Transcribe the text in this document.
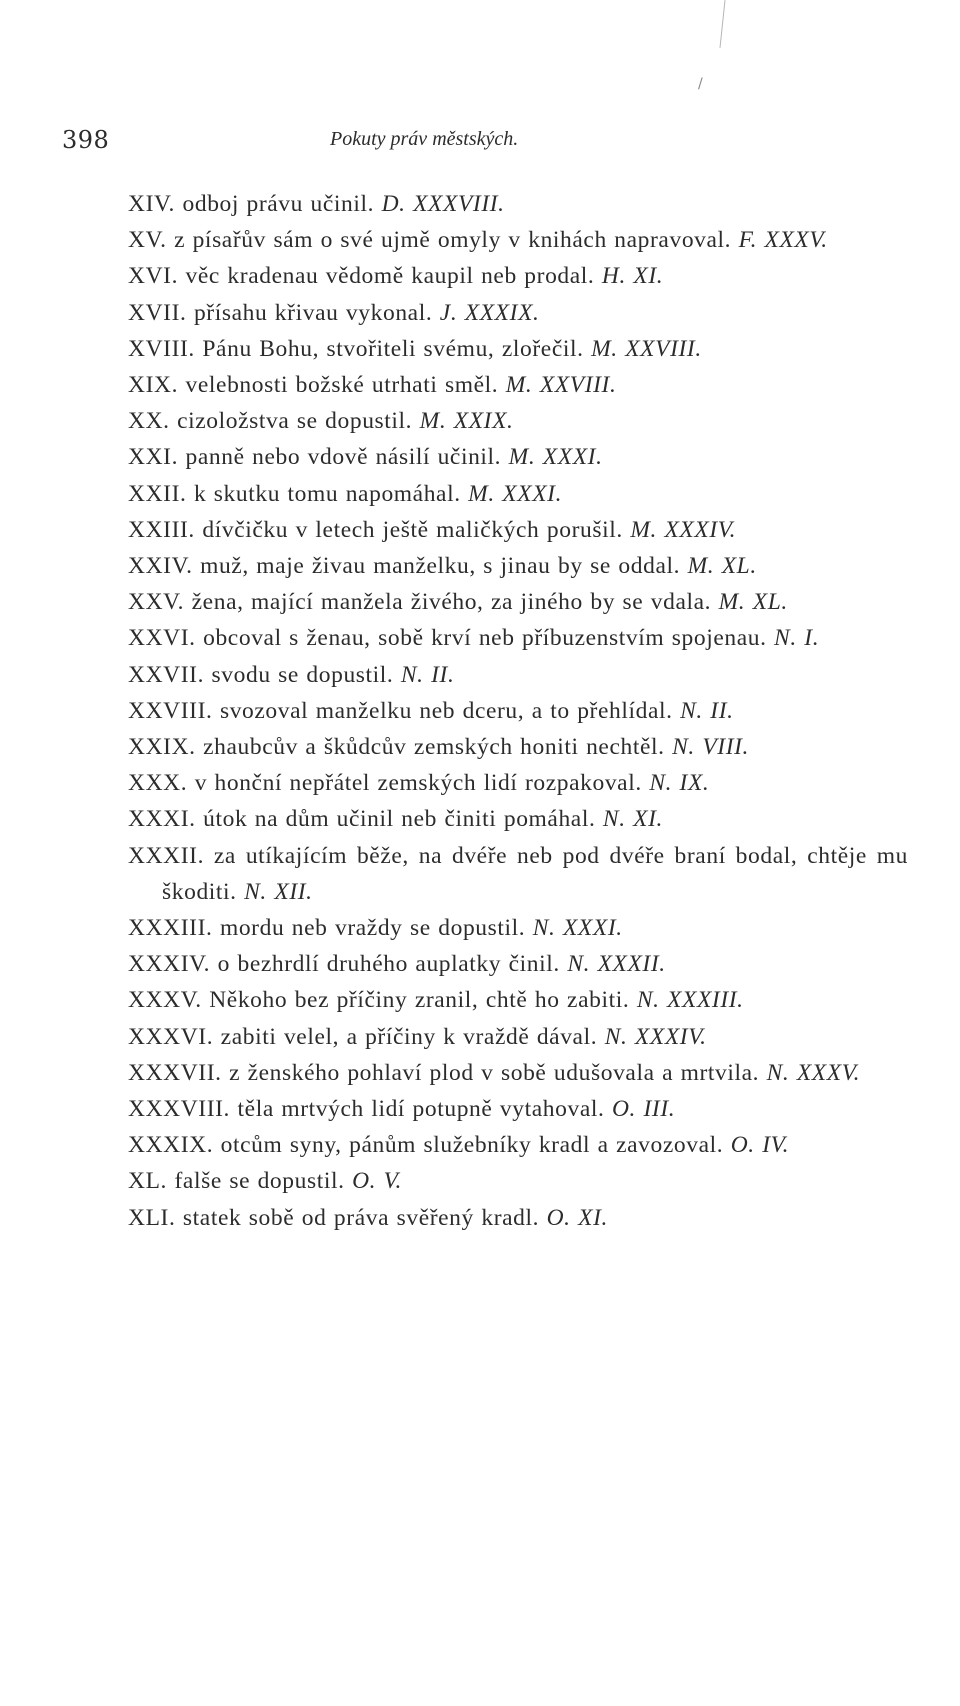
/
398	Pokuty práv městských.
XIV. odboj právu učinil. D. XXXVIII.
XV. z písařův sám o své ujmě omyly v knihách napravoval. F. XXXV.
XVI. věc kradenau vědomě kaupil neb prodal. H. XI.
XVII. přísahu křivau vykonal. J. XXXIX.
XVIII. Pánu Bohu, stvořiteli svému, zlořečil. M. XXVIII.
XIX. velebnosti božské utrhati směl. M. XXVIII.
XX. cizoložstva se dopustil. M. XXIX.
XXI. panně nebo vdově násilí učinil. M. XXXI.
XXII. k skutku tomu napomáhal. M. XXXI.
XXIII. dívčičku v letech ještě maličkých porušil. M. XXXIV.
XXIV. muž, maje živau manželku, s jinau by se oddal. M. XL.
XXV. žena, mající manžela živého, za jiného by se vdala. M. XL.
XXVI. obcoval s ženau, sobě krví neb příbuzenstvím spojenau. N. I.
XXVII. svodu se dopustil. N. II.
XXVIII. svozoval manželku neb dceru, a to přehlídal. N. II.
XXIX. zhaubcův a škůdcův zemských honiti nechtěl. N. VIII.
XXX. v honční nepřátel zemských lidí rozpakoval. N. IX.
XXXI. útok na dům učinil neb činiti pomáhal. N. XI.
XXXII. za utíkajícím běže, na dvéře neb pod dvéře braní bodal, chtěje mu škoditi. N. XII.
XXXIII. mordu neb vraždy se dopustil. N. XXXI.
XXXIV. o bezhrdlí druhého auplatky činil. N. XXXII.
XXXV. Někoho bez příčiny zranil, chtě ho zabiti. N. XXXIII.
XXXVI. zabiti velel, a příčiny k vraždě dával. N. XXXIV.
XXXVII. z ženského pohlaví plod v sobě udušovala a mrtvila. N. XXXV.
XXXVIII. těla mrtvých lidí potupně vytahoval. O. III.
XXXIX. otcům syny, pánům služebníky kradl a zavozoval. O. IV.
XL. falše se dopustil. O. V.
XLI. statek sobě od práva svěřený kradl. O. XI.
